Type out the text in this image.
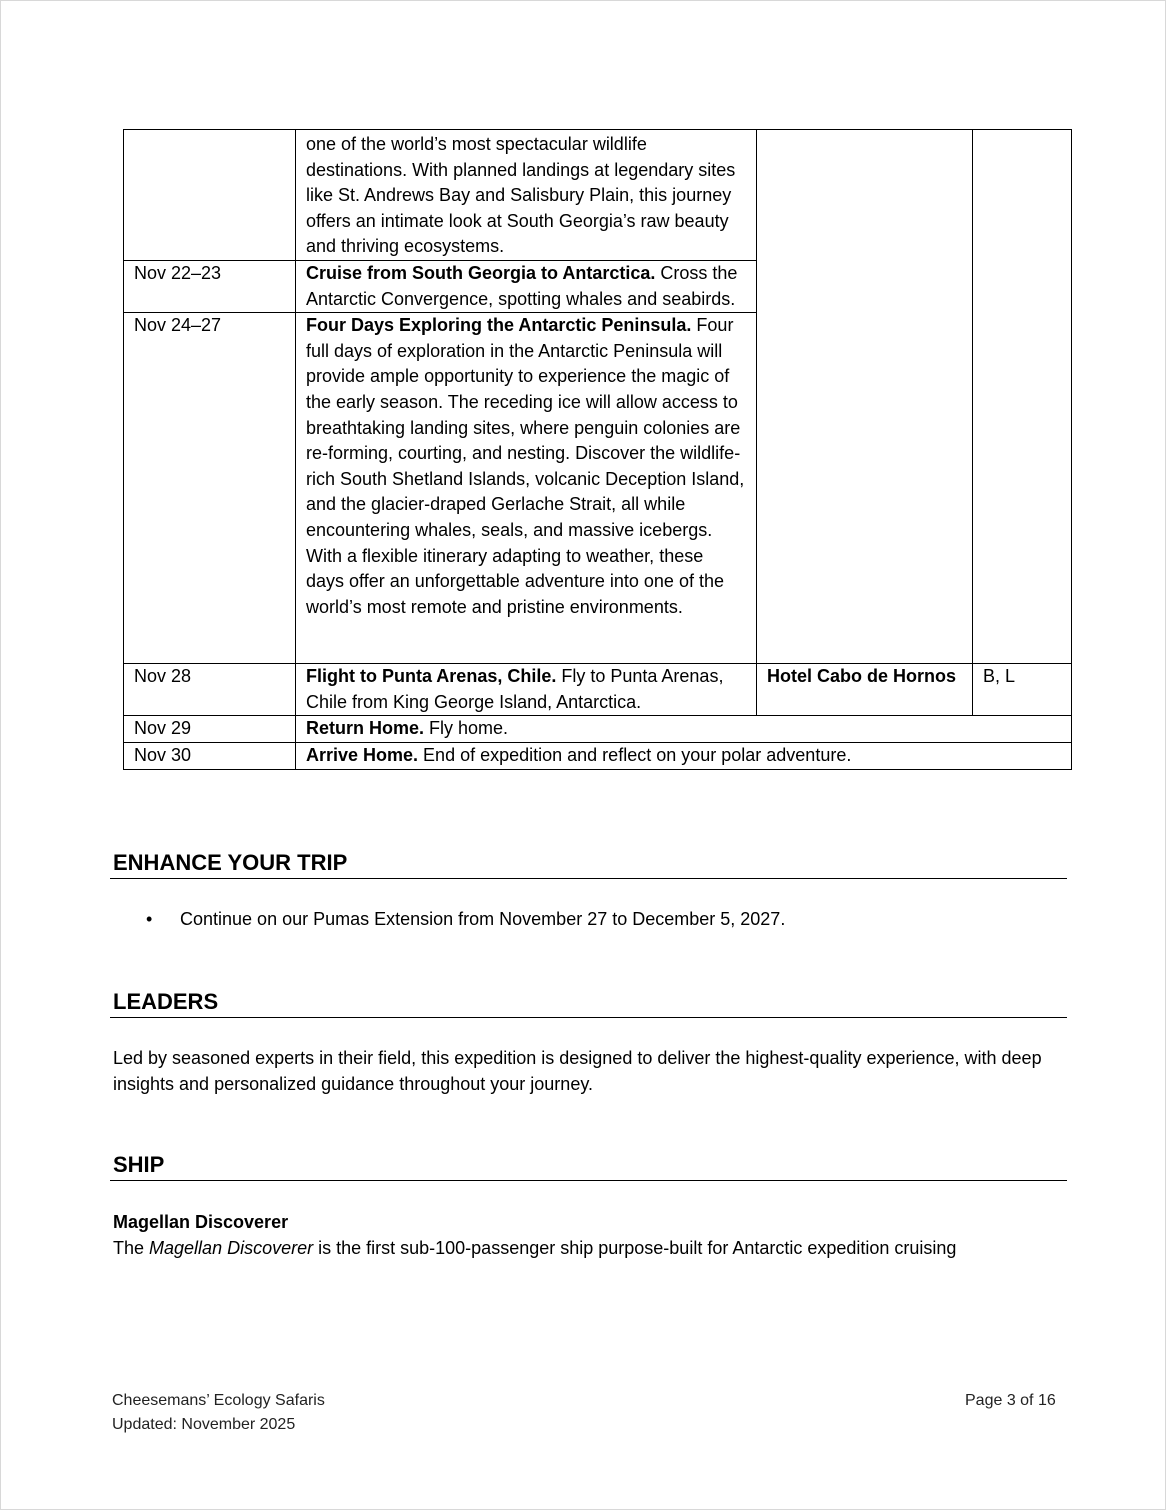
	one of the world’s most spectacular wildlife destinations. With planned landings at legendary sites like St. Andrews Bay and Salisbury Plain, this journey offers an intimate look at South Georgia’s raw beauty and thriving ecosystems.		
Nov 22–23	Cruise from South Georgia to Antarctica. Cross the Antarctic Convergence, spotting whales and seabirds.		
Nov 24–27	Four Days Exploring the Antarctic Peninsula. Four full days of exploration in the Antarctic Peninsula will provide ample opportunity to experience the magic of the early season. The receding ice will allow access to breathtaking landing sites, where penguin colonies are re-forming, courting, and nesting. Discover the wildlife-rich South Shetland Islands, volcanic Deception Island, and the glacier-draped Gerlache Strait, all while encountering whales, seals, and massive icebergs. With a flexible itinerary adapting to weather, these days offer an unforgettable adventure into one of the world’s most remote and pristine environments.		
Nov 28	Flight to Punta Arenas, Chile. Fly to Punta Arenas, Chile from King George Island, Antarctica.	Hotel Cabo de Hornos	B, L
Nov 29	Return Home. Fly home.		
Nov 30	Arrive Home. End of expedition and reflect on your polar adventure.		
ENHANCE YOUR TRIP
• Continue on our Pumas Extension from November 27 to December 5, 2027.
LEADERS
Led by seasoned experts in their field, this expedition is designed to deliver the highest-quality experience, with deep insights and personalized guidance throughout your journey.
SHIP
Magellan Discoverer
The Magellan Discoverer is the first sub-100-passenger ship purpose-built for Antarctic expedition cruising
Cheesemans’ Ecology Safaris
Updated: November 2025
Page 3 of 16
